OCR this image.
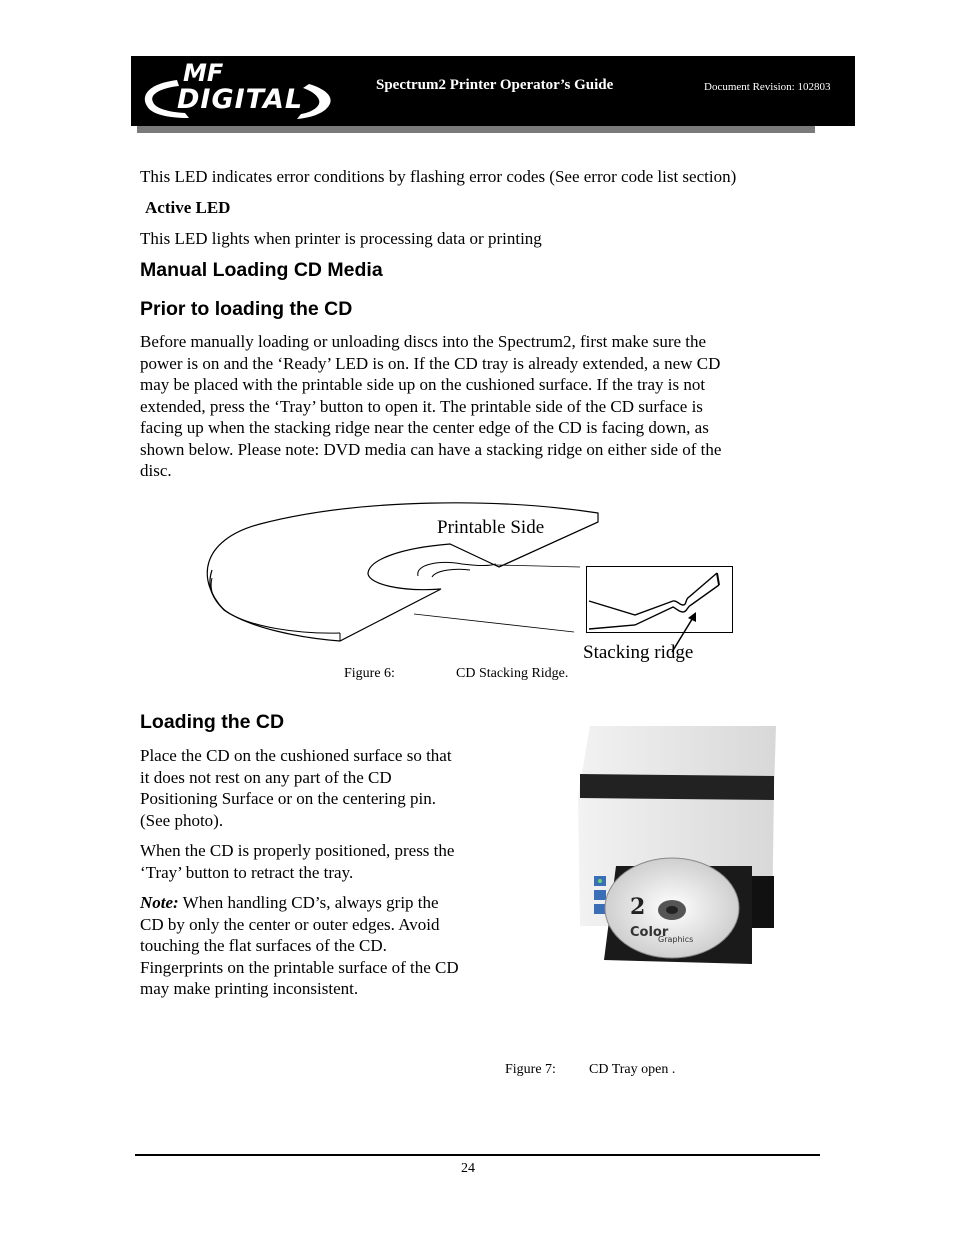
MF
DIGITAL	Spectrum2 Printer Operator’s Guide	Document Revision: 102803
This LED indicates error conditions by flashing error codes (See error code list section)
Active LED
This LED lights when printer is processing data or printing
Manual Loading CD Media
Prior to loading the CD
Before manually loading or unloading discs into the Spectrum2, first make sure the
power is on and the ‘Ready’ LED is on. If the CD tray is already extended, a new CD
may be placed with the printable side up on the cushioned surface. If the tray is not
extended, press the ‘Tray’ button to open it. The printable side of the CD surface is
facing up when the stacking ridge near the center edge of the CD is facing down, as
shown below. Please note: DVD media can have a stacking ridge on either side of the
disc.
Printable Side
Stacking ridge
Figure 6:	CD Stacking Ridge.
Loading the CD
Place the CD on the cushioned surface so that
it does not rest on any part of the CD
Positioning Surface or on the centering pin.
(See photo).
When the CD is properly positioned, press the
‘Tray’ button to retract the tray.
Note: When handling CD’s, always grip the
CD by only the center or outer edges. Avoid
touching the flat surfaces of the CD.
Fingerprints on the printable surface of the CD
may make printing inconsistent.
2
Color
Graphics
Figure 7: CD Tray open .
24
